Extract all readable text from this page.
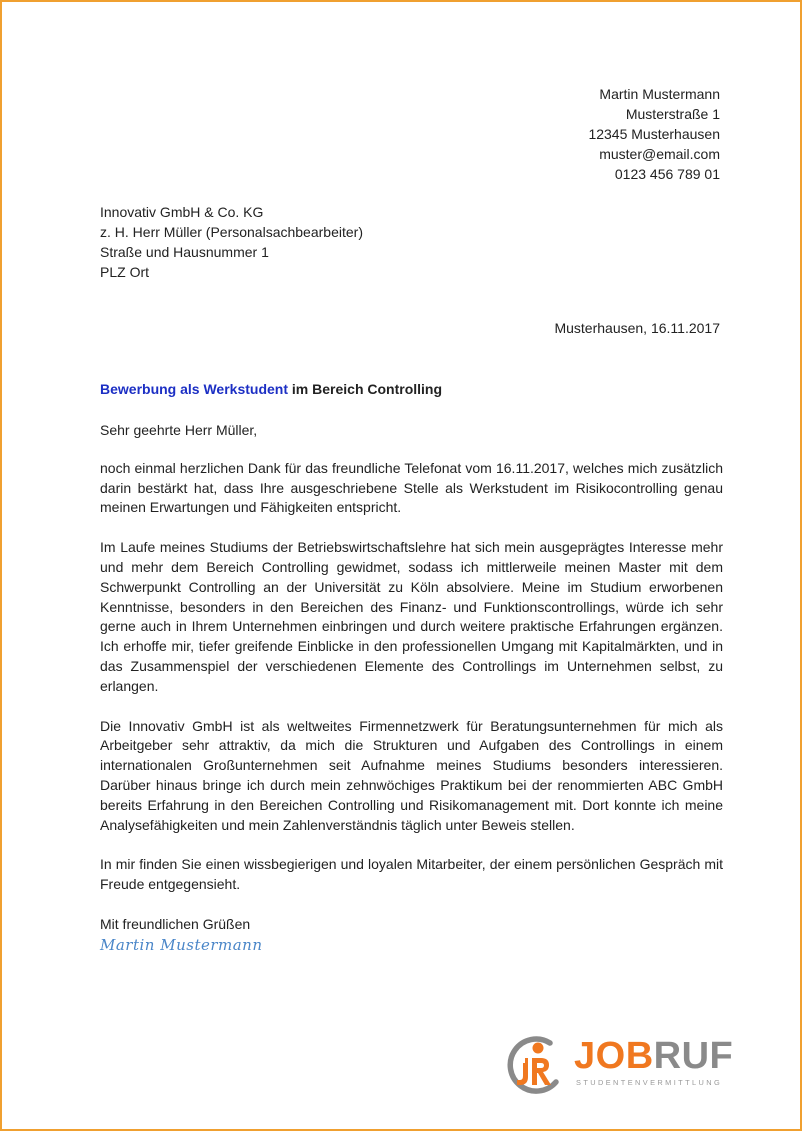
Martin Mustermann
Musterstraße 1
12345 Musterhausen
muster@email.com
0123 456 789 01
Innovativ GmbH & Co. KG
z. H. Herr Müller (Personalsachbearbeiter)
Straße und Hausnummer 1
PLZ Ort
Musterhausen, 16.11.2017
Bewerbung als Werkstudent im Bereich Controlling

Sehr geehrte Herr Müller,

noch einmal herzlichen Dank für das freundliche Telefonat vom 16.11.2017, welches mich zusätzlich darin bestärkt hat, dass Ihre ausgeschriebene Stelle als Werkstudent im Risikocontrolling genau meinen Erwartungen und Fähigkeiten entspricht.

Im Laufe meines Studiums der Betriebswirtschaftslehre hat sich mein ausgeprägtes Interesse mehr und mehr dem Bereich Controlling gewidmet, sodass ich mittlerweile meinen Master mit dem Schwerpunkt Controlling an der Universität zu Köln absolviere. Meine im Studium erworbenen Kenntnisse, besonders in den Bereichen des Finanz- und Funktionscontrollings, würde ich sehr gerne auch in Ihrem Unternehmen einbringen und durch weitere praktische Erfahrungen ergänzen. Ich erhoffe mir, tiefer greifende Einblicke in den professionellen Umgang mit Kapitalmärkten, und in das Zusammenspiel der verschiedenen Elemente des Controllings im Unternehmen selbst, zu erlangen.

Die Innovativ GmbH ist als weltweites Firmennetzwerk für Beratungsunternehmen für mich als Arbeitgeber sehr attraktiv, da mich die Strukturen und Aufgaben des Controllings in einem internationalen Großunternehmen seit Aufnahme meines Studiums besonders interessieren. Darüber hinaus bringe ich durch mein zehnwöchiges Praktikum bei der renommierten ABC GmbH bereits Erfahrung in den Bereichen Controlling und Risikomanagement mit. Dort konnte ich meine Analysefähigkeiten und mein Zahlenverständnis täglich unter Beweis stellen.

In mir finden Sie einen wissbegierigen und loyalen Mitarbeiter, der einem persönlichen Gespräch mit Freude entgegensieht.

Mit freundlichen Grüßen

Martin Mustermann
JOBRUF
STUDENTENVERMITTLUNG
